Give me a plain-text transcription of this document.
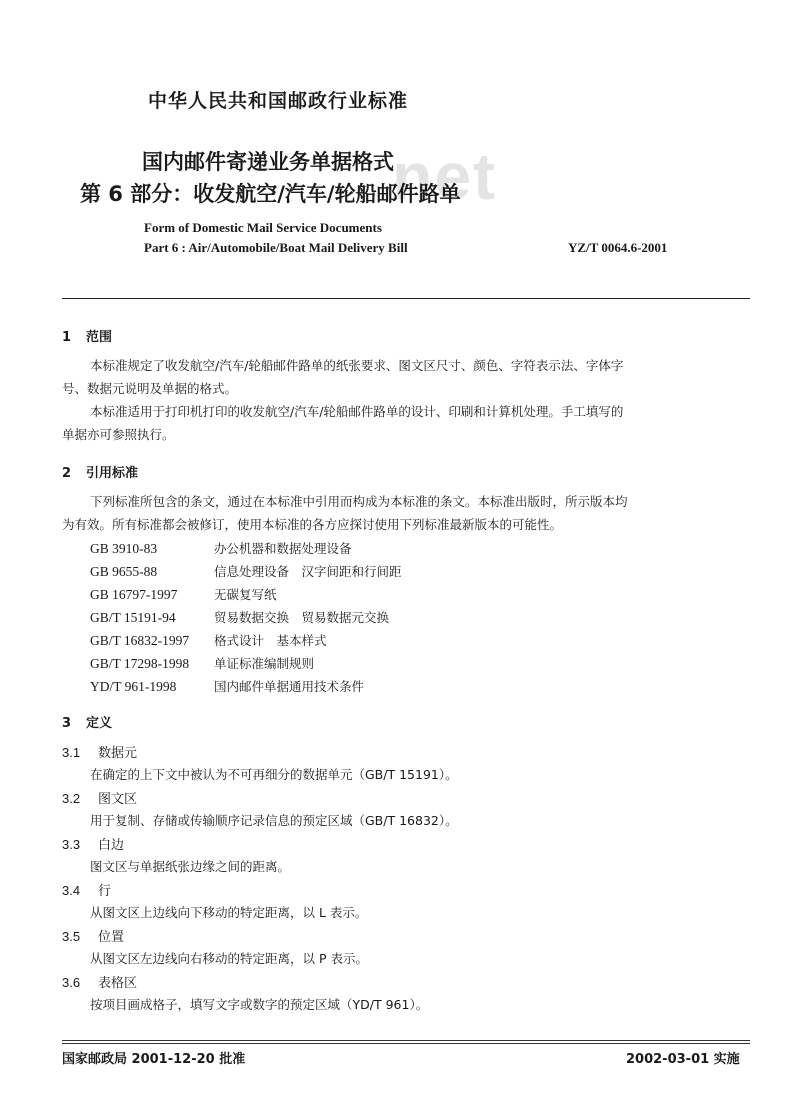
net
中华人民共和国邮政行业标准
国内邮件寄递业务单据格式
第 6 部分：收发航空/汽车/轮船邮件路单
Form of Domestic Mail Service Documents
Part 6 : Air/Automobile/Boat Mail Delivery Bill	YZ/T 0064.6-2001
1 范围
本标准规定了收发航空/汽车/轮船邮件路单的纸张要求、图文区尺寸、颜色、字符表示法、字体字
号、数据元说明及单据的格式。
本标准适用于打印机打印的收发航空/汽车/轮船邮件路单的设计、印刷和计算机处理。手工填写的
单据亦可参照执行。
2 引用标准
下列标准所包含的条文，通过在本标准中引用而构成为本标准的条文。本标准出版时，所示版本均
为有效。所有标准都会被修订，使用本标准的各方应探讨使用下列标准最新版本的可能性。
GB 3910-83	办公机器和数据处理设备
GB 9655-88	信息处理设备　汉字间距和行间距
GB 16797-1997	无碳复写纸
GB/T 15191-94	贸易数据交换　贸易数据元交换
GB/T 16832-1997 格式设计　基本样式
GB/T 17298-1998 单证标准编制规则
YD/T 961-1998	国内邮件单据通用技术条件
3 定义
3.1 数据元
在确定的上下文中被认为不可再细分的数据单元（GB/T 15191）。
3.2 图文区
用于复制、存储或传输顺序记录信息的预定区域（GB/T 16832）。
3.3 白边
图文区与单据纸张边缘之间的距离。
3.4 行
从图文区上边线向下移动的特定距离，以 L 表示。
3.5 位置
从图文区左边线向右移动的特定距离，以 P 表示。
3.6 表格区
按项目画成格子，填写文字或数字的预定区域（YD/T 961）。
国家邮政局 2001-12-20 批准	2002-03-01 实施
